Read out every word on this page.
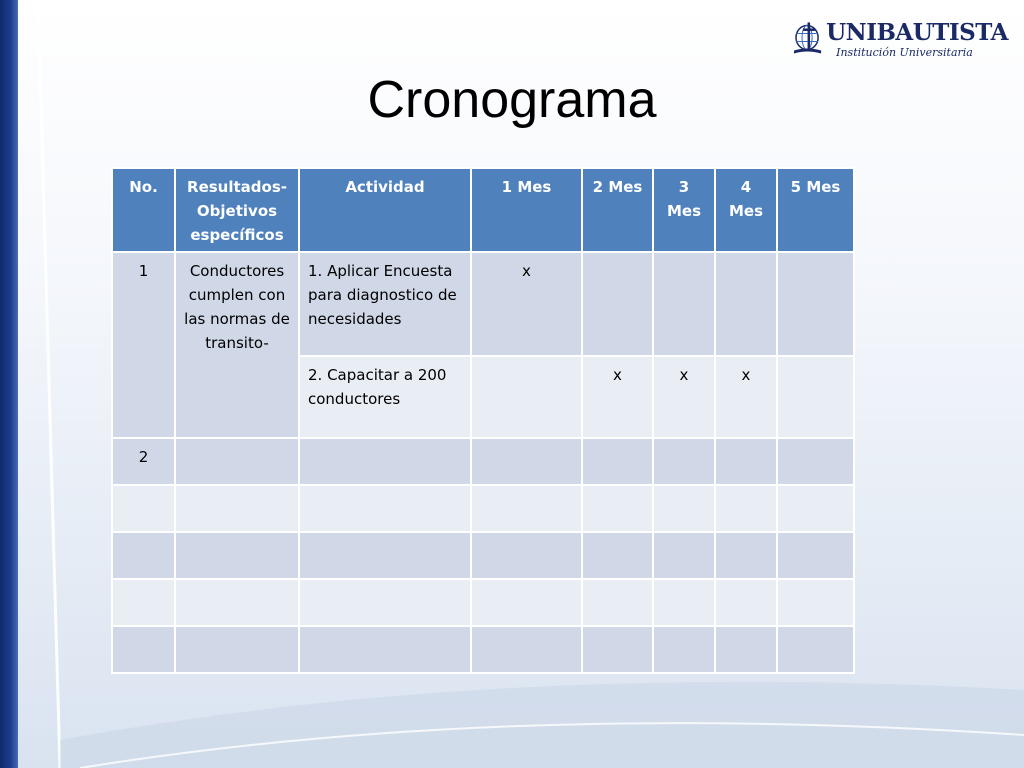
UNIBAUTISTA
Institución Universitaria
Cronograma
No.	Resultados-Objetivos específicos	Actividad	1 Mes	2 Mes	3 Mes	4 Mes	5 Mes
1	Conductores cumplen con las normas de transito-	1. Aplicar Encuesta para diagnostico de necesidades	x				
		2. Capacitar a 200 conductores		x	x	x	
2							
